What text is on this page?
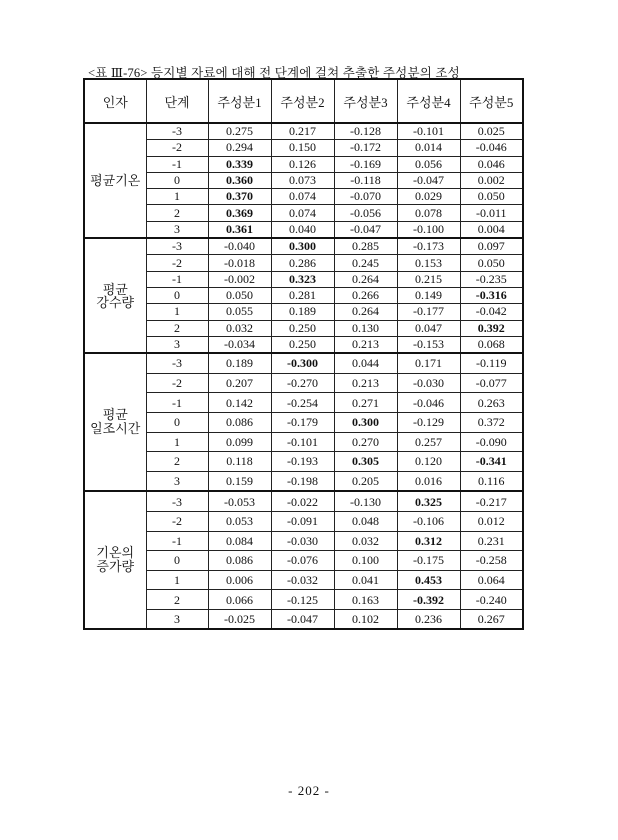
<표 Ⅲ-76> 등지별 자료에 대해 전 단계에 걸쳐 추출한 주성분의 조성
인자	단계	주성분1	주성분2	주성분3	주성분4	주성분5
평균기온	-3	0.275	0.217	-0.128	-0.101	0.025
	-2	0.294	0.150	-0.172	0.014	-0.046
	-1	0.339	0.126	-0.169	0.056	0.046
	0	0.360	0.073	-0.118	-0.047	0.002
	1	0.370	0.074	-0.070	0.029	0.050
	2	0.369	0.074	-0.056	0.078	-0.011
	3	0.361	0.040	-0.047	-0.100	0.004
평균
강수량	-3	-0.040	0.300	0.285	-0.173	0.097
	-2	-0.018	0.286	0.245	0.153	0.050
	-1	-0.002	0.323	0.264	0.215	-0.235
	0	0.050	0.281	0.266	0.149	-0.316
	1	0.055	0.189	0.264	-0.177	-0.042
	2	0.032	0.250	0.130	0.047	0.392
	3	-0.034	0.250	0.213	-0.153	0.068
평균
일조시간	-3	0.189	-0.300	0.044	0.171	-0.119
	-2	0.207	-0.270	0.213	-0.030	-0.077
	-1	0.142	-0.254	0.271	-0.046	0.263
	0	0.086	-0.179	0.300	-0.129	0.372
	1	0.099	-0.101	0.270	0.257	-0.090
	2	0.118	-0.193	0.305	0.120	-0.341
	3	0.159	-0.198	0.205	0.016	0.116
기온의
증가량	-3	-0.053	-0.022	-0.130	0.325	-0.217
	-2	0.053	-0.091	0.048	-0.106	0.012
	-1	0.084	-0.030	0.032	0.312	0.231
	0	0.086	-0.076	0.100	-0.175	-0.258
	1	0.006	-0.032	0.041	0.453	0.064
	2	0.066	-0.125	0.163	-0.392	-0.240
	3	-0.025	-0.047	0.102	0.236	0.267
- 202 -
